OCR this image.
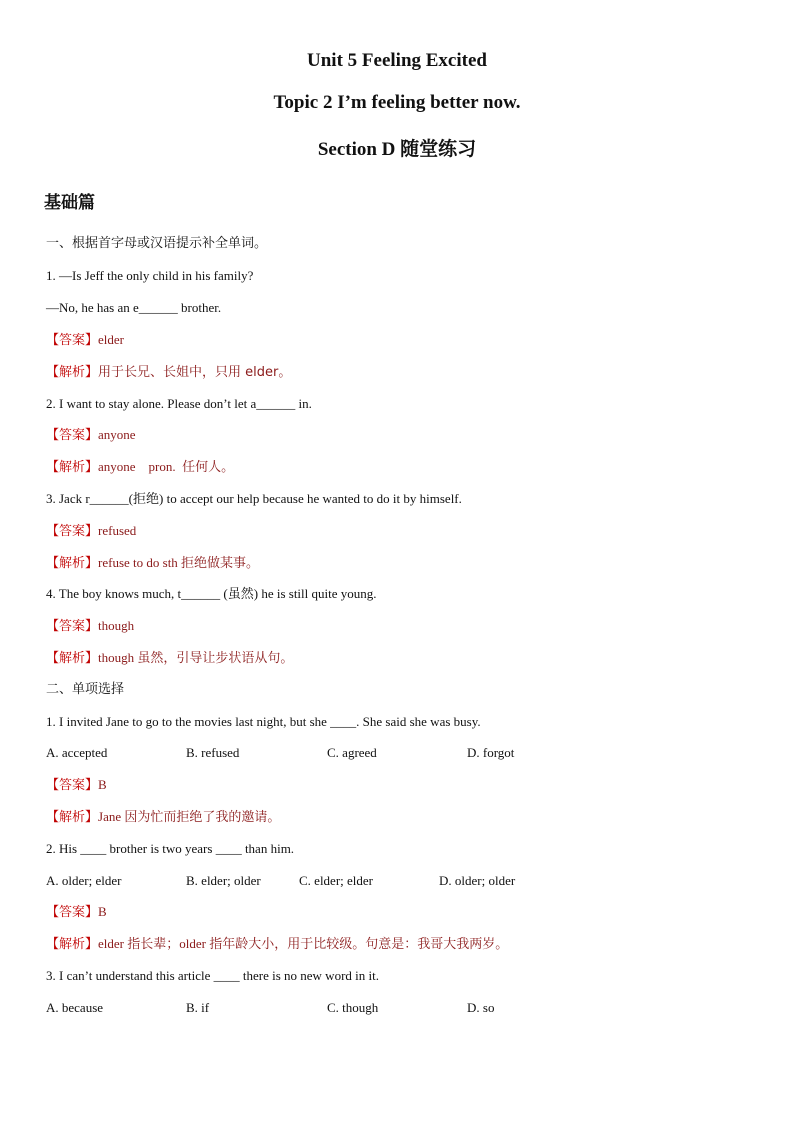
Unit 5 Feeling Excited
Topic 2 I’m feeling better now.
Section D 随堂练习
基础篇
一、根据首字母或汉语提示补全单词。
1. —Is Jeff the only child in his family?
—No, he has an e______ brother.
【答案】elder
【解析】用于长兄、长姐中，只用 elder。
2. I want to stay alone. Please don’t let a______ in.
【答案】anyone
【解析】anyone    pron.  任何人。
3. Jack r______(拒绝) to accept our help because he wanted to do it by himself.
【答案】refused
【解析】refuse to do sth 拒绝做某事。
4. The boy knows much, t______ (虽然) he is still quite young.
【答案】though
【解析】though 虽然，引导让步状语从句。
二、单项选择
1. I invited Jane to go to the movies last night, but she ____. She said she was busy.
A. accepted	B. refused	C. agreed	D. forgot
【答案】B
【解析】Jane 因为忙而拒绝了我的邀请。
2. His ____ brother is two years ____ than him.
A. older; elder	B. elder; older	C. elder; elder	D. older; older
【答案】B
【解析】elder 指长辈；older 指年龄大小，用于比较级。句意是：我哥大我两岁。
3. I can’t understand this article ____ there is no new word in it.
A. because	B. if	C. though	D. so
